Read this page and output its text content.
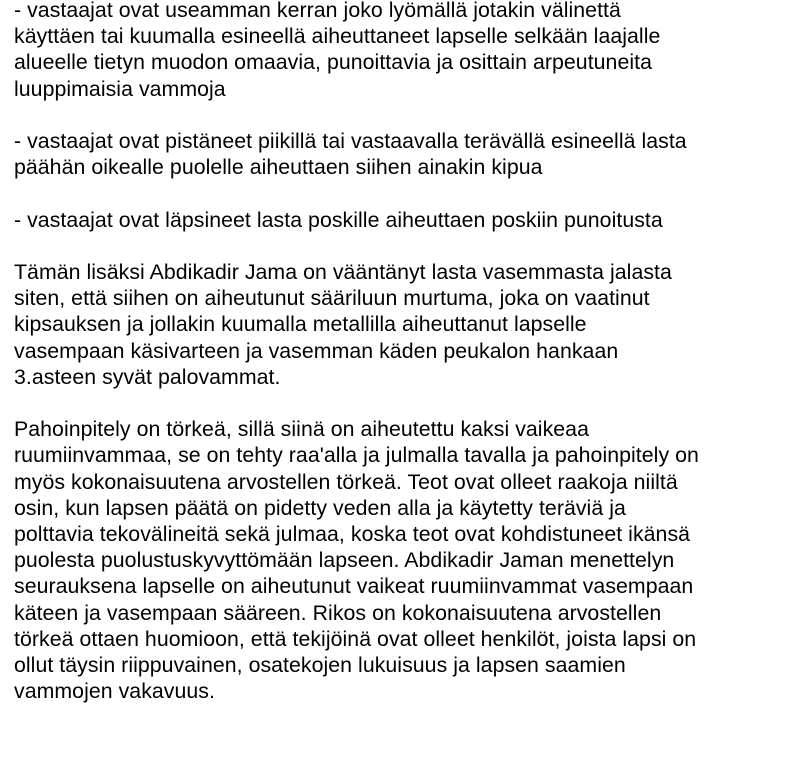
- vastaajat ovat useamman kerran joko lyömällä jotakin välinettä
käyttäen tai kuumalla esineellä aiheuttaneet lapselle selkään laajalle
alueelle tietyn muodon omaavia, punoittavia ja osittain arpeutuneita
luuppimaisia vammoja

- vastaajat ovat pistäneet piikillä tai vastaavalla terävällä esineellä lasta
päähän oikealle puolelle aiheuttaen siihen ainakin kipua

- vastaajat ovat läpsineet lasta poskille aiheuttaen poskiin punoitusta

Tämän lisäksi Abdikadir Jama on vääntänyt lasta vasemmasta jalasta
siten, että siihen on aiheutunut sääriluun murtuma, joka on vaatinut
kipsauksen ja jollakin kuumalla metallilla aiheuttanut lapselle
vasempaan käsivarteen ja vasemman käden peukalon hankaan
3.asteen syvät palovammat.

Pahoinpitely on törkeä, sillä siinä on aiheutettu kaksi vaikeaa
ruumiinvammaa, se on tehty raa'alla ja julmalla tavalla ja pahoinpitely on
myös kokonaisuutena arvostellen törkeä. Teot ovat olleet raakoja niiltä
osin, kun lapsen päätä on pidetty veden alla ja käytetty teräviä ja
polttavia tekovälineitä sekä julmaa, koska teot ovat kohdistuneet ikänsä
puolesta puolustuskyvyttömään lapseen. Abdikadir Jaman menettelyn
seurauksena lapselle on aiheutunut vaikeat ruumiinvammat vasempaan
käteen ja vasempaan sääreen. Rikos on kokonaisuutena arvostellen
törkeä ottaen huomioon, että tekijöinä ovat olleet henkilöt, joista lapsi on
ollut täysin riippuvainen, osatekojen lukuisuus ja lapsen saamien
vammojen vakavuus.
